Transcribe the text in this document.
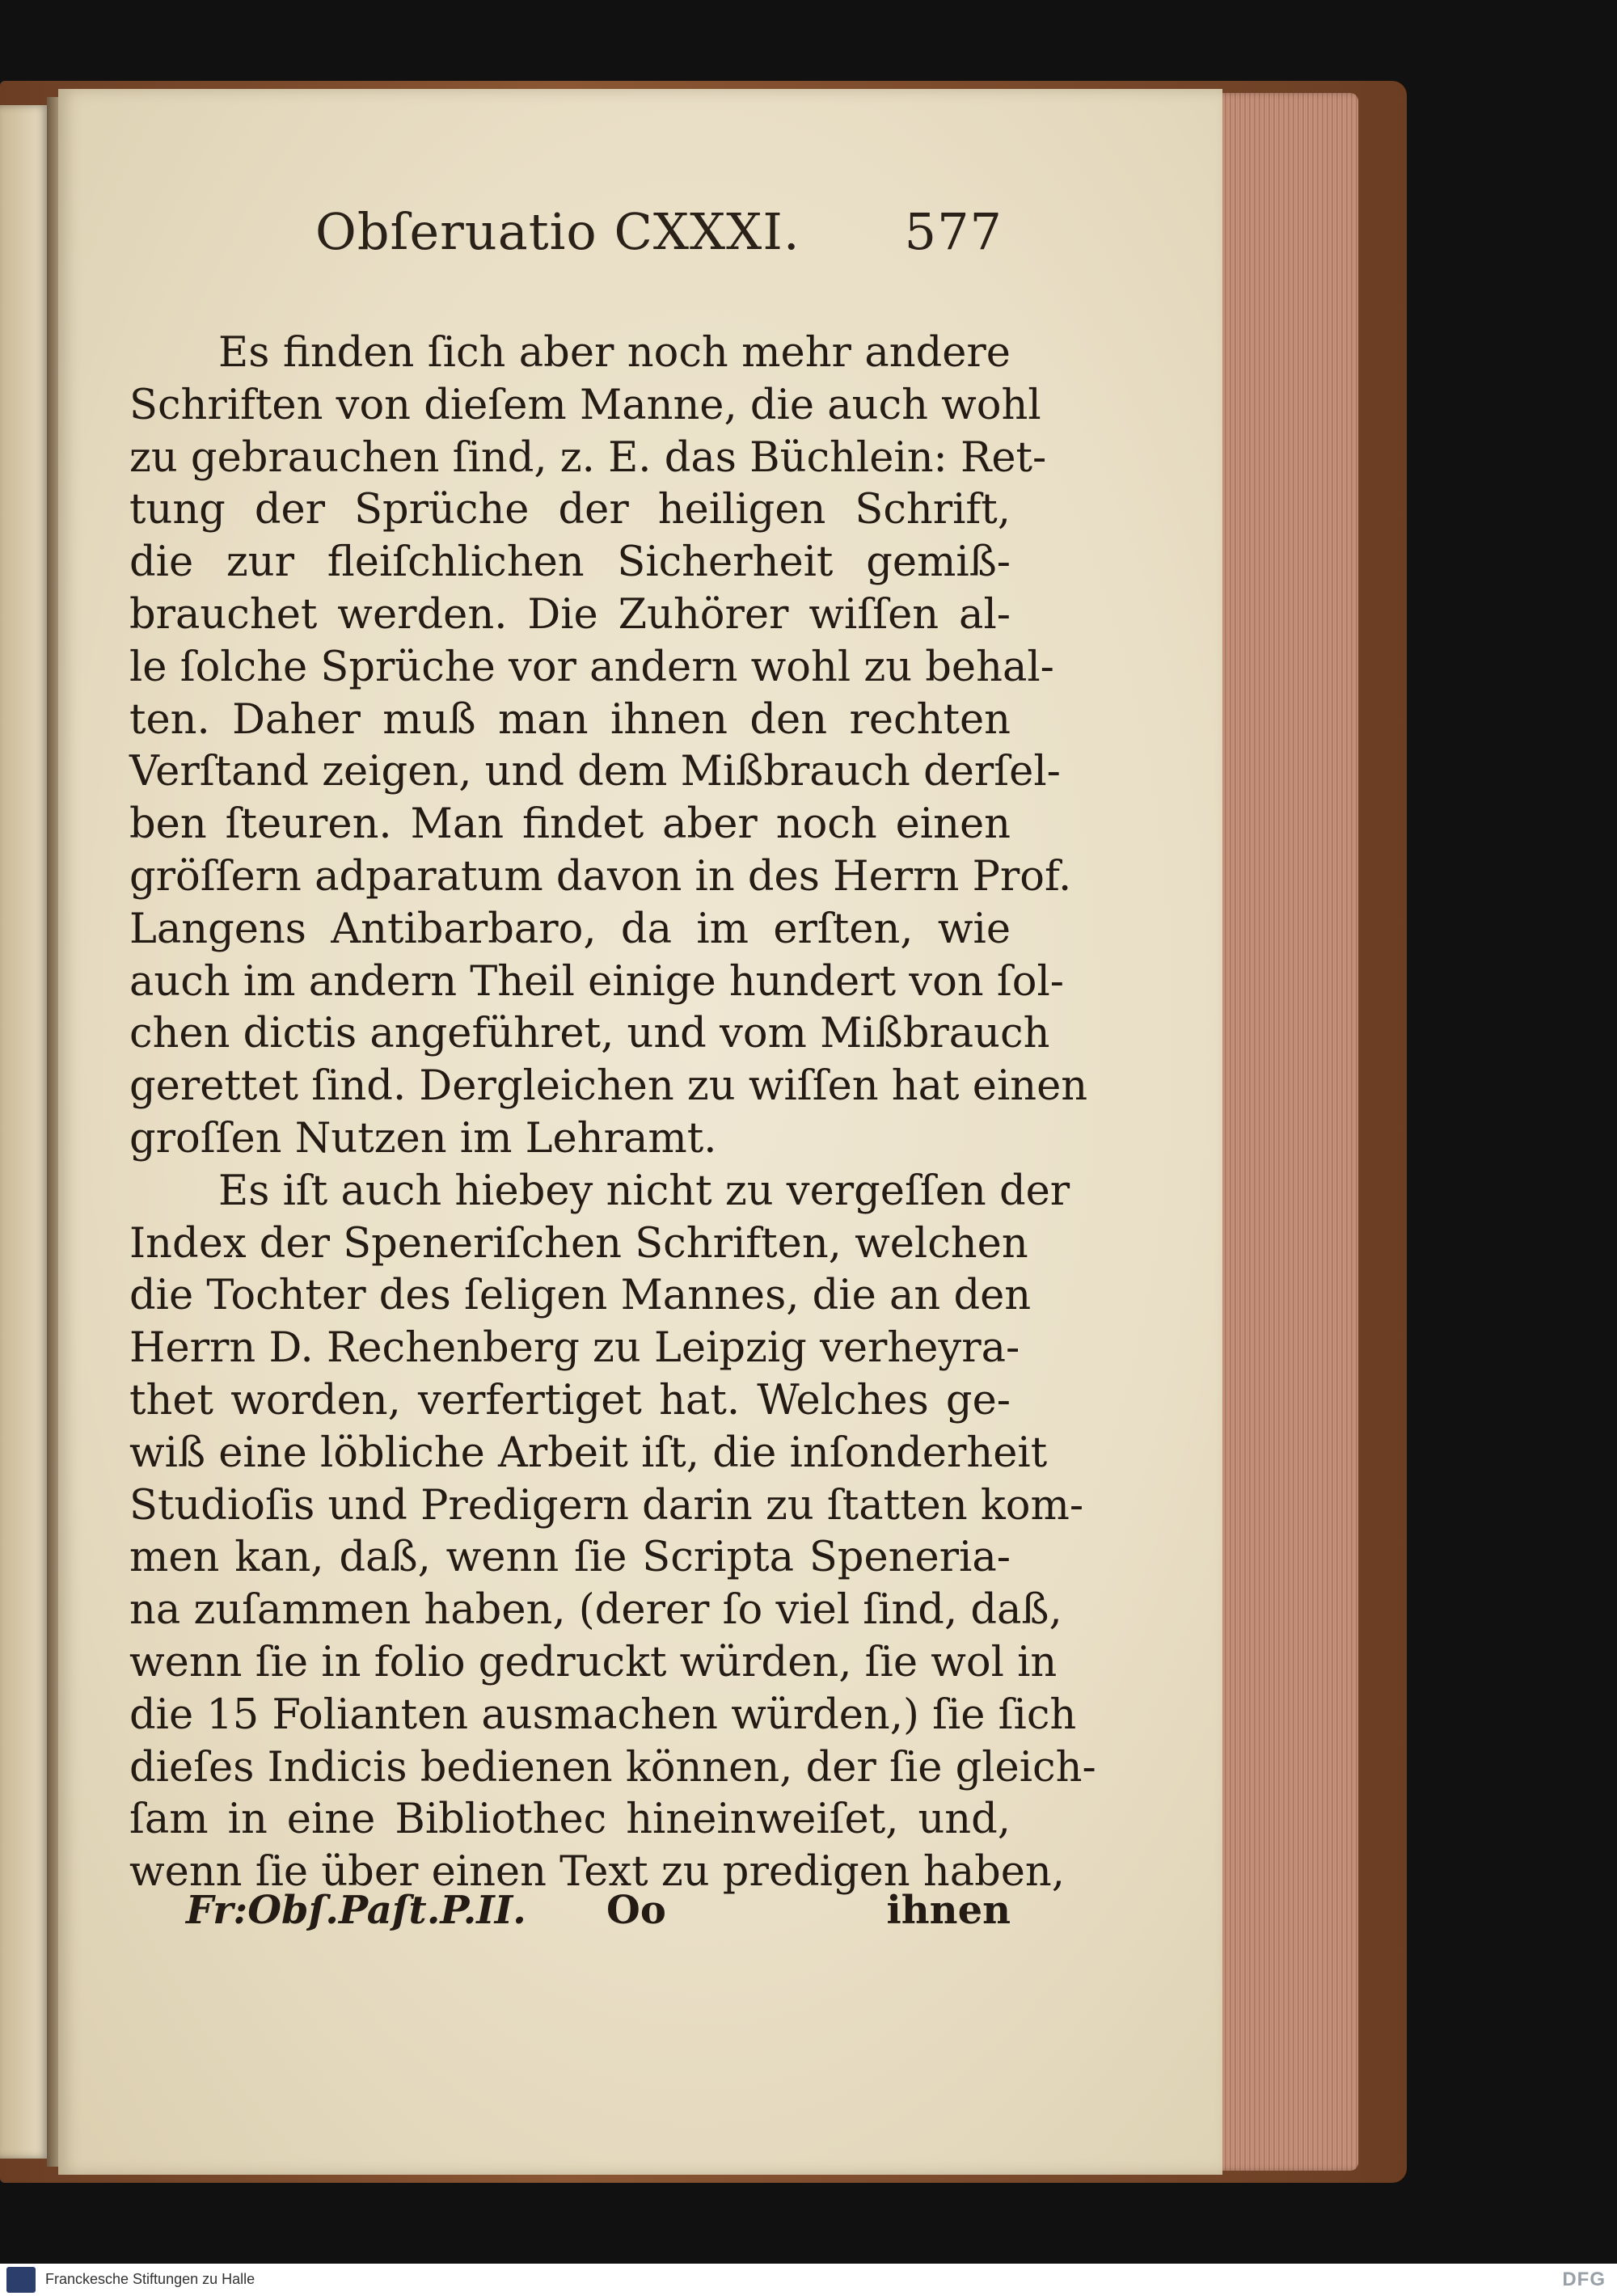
Obſeruatio CXXXI. 577
Es finden ſich aber noch mehr andere
Schriften von dieſem Manne, die auch wohl
zu gebrauchen ſind, z. E. das Büchlein: Ret-
tung der Sprüche der heiligen Schrift,
die zur fleiſchlichen Sicherheit gemiß-
brauchet werden. Die Zuhörer wiſſen al-
le ſolche Sprüche vor andern wohl zu behal-
ten. Daher muß man ihnen den rechten
Verſtand zeigen, und dem Mißbrauch derſel-
ben ſteuren. Man findet aber noch einen
gröſſern adparatum davon in des Herrn Prof.
Langens Antibarbaro, da im erſten, wie
auch im andern Theil einige hundert von ſol-
chen dictis angeführet, und vom Mißbrauch
gerettet ſind. Dergleichen zu wiſſen hat einen
groſſen Nutzen im Lehramt.
Es iſt auch hiebey nicht zu vergeſſen der
Index der Speneriſchen Schriften, welchen
die Tochter des ſeligen Mannes, die an den
Herrn D. Rechenberg zu Leipzig verheyra-
thet worden, verfertiget hat. Welches ge-
wiß eine löbliche Arbeit iſt, die inſonderheit
Studioſis und Predigern darin zu ſtatten kom-
men kan, daß, wenn ſie Scripta Speneria-
na zuſammen haben, (derer ſo viel ſind, daß,
wenn ſie in folio gedruckt würden, ſie wol in
die 15 Folianten ausmachen würden,) ſie ſich
dieſes Indicis bedienen können, der ſie gleich-
ſam in eine Bibliothec hineinweiſet, und,
wenn ſie über einen Text zu predigen haben,
Fr:Obſ.Paſt.P.II. Oo	ihnen
Franckesche Stiftungen zu Halle	DFG
